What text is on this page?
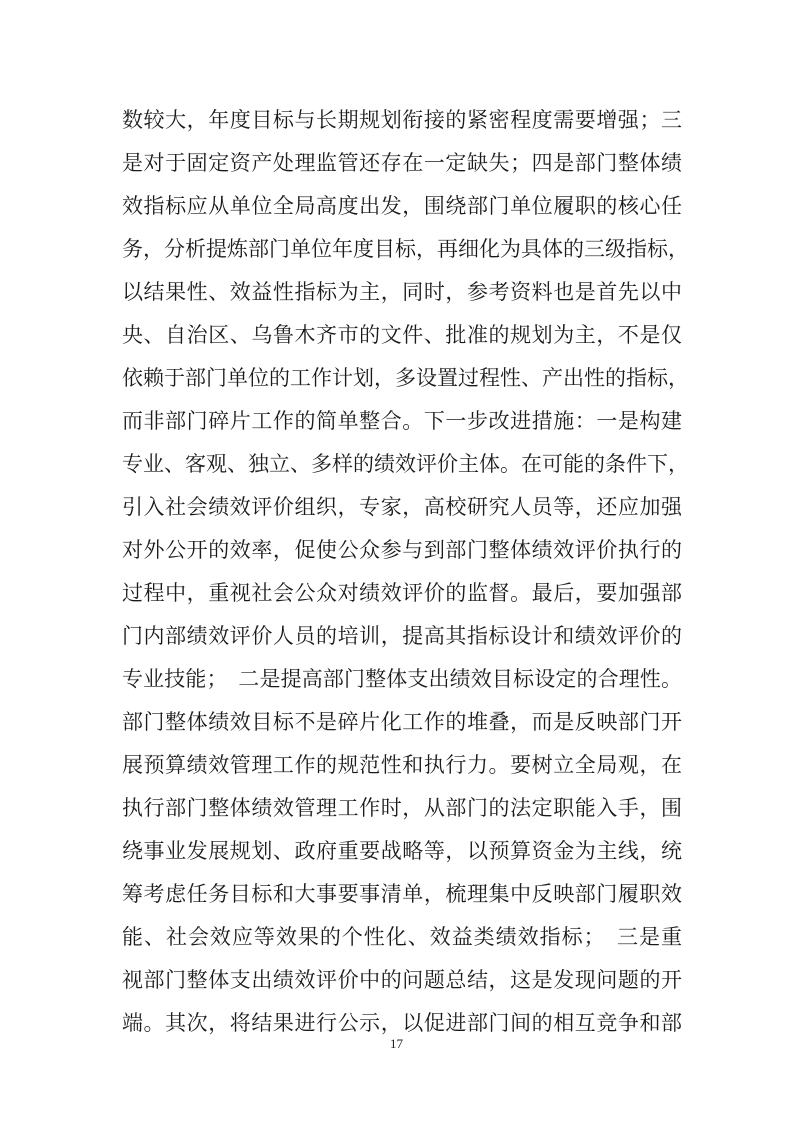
数较大，年度目标与长期规划衔接的紧密程度需要增强；三
是对于固定资产处理监管还存在一定缺失；四是部门整体绩
效指标应从单位全局高度出发，围绕部门单位履职的核心任
务，分析提炼部门单位年度目标，再细化为具体的三级指标，
以结果性、效益性指标为主，同时，参考资料也是首先以中
央、自治区、乌鲁木齐市的文件、批准的规划为主，不是仅
依赖于部门单位的工作计划，多设置过程性、产出性的指标，
而非部门碎片工作的简单整合。下一步改进措施：一是构建
专业、客观、独立、多样的绩效评价主体。在可能的条件下，
引入社会绩效评价组织，专家，高校研究人员等，还应加强
对外公开的效率，促使公众参与到部门整体绩效评价执行的
过程中，重视社会公众对绩效评价的监督。最后，要加强部
门内部绩效评价人员的培训，提高其指标设计和绩效评价的
专业技能；　二是提高部门整体支出绩效目标设定的合理性。
部门整体绩效目标不是碎片化工作的堆叠，而是反映部门开
展预算绩效管理工作的规范性和执行力。要树立全局观，在
执行部门整体绩效管理工作时，从部门的法定职能入手，围
绕事业发展规划、政府重要战略等，以预算资金为主线，统
筹考虑任务目标和大事要事清单，梳理集中反映部门履职效
能、社会效应等效果的个性化、效益类绩效指标；　三是重
视部门整体支出绩效评价中的问题总结，这是发现问题的开
端。其次，将结果进行公示，以促进部门间的相互竞争和部
17
